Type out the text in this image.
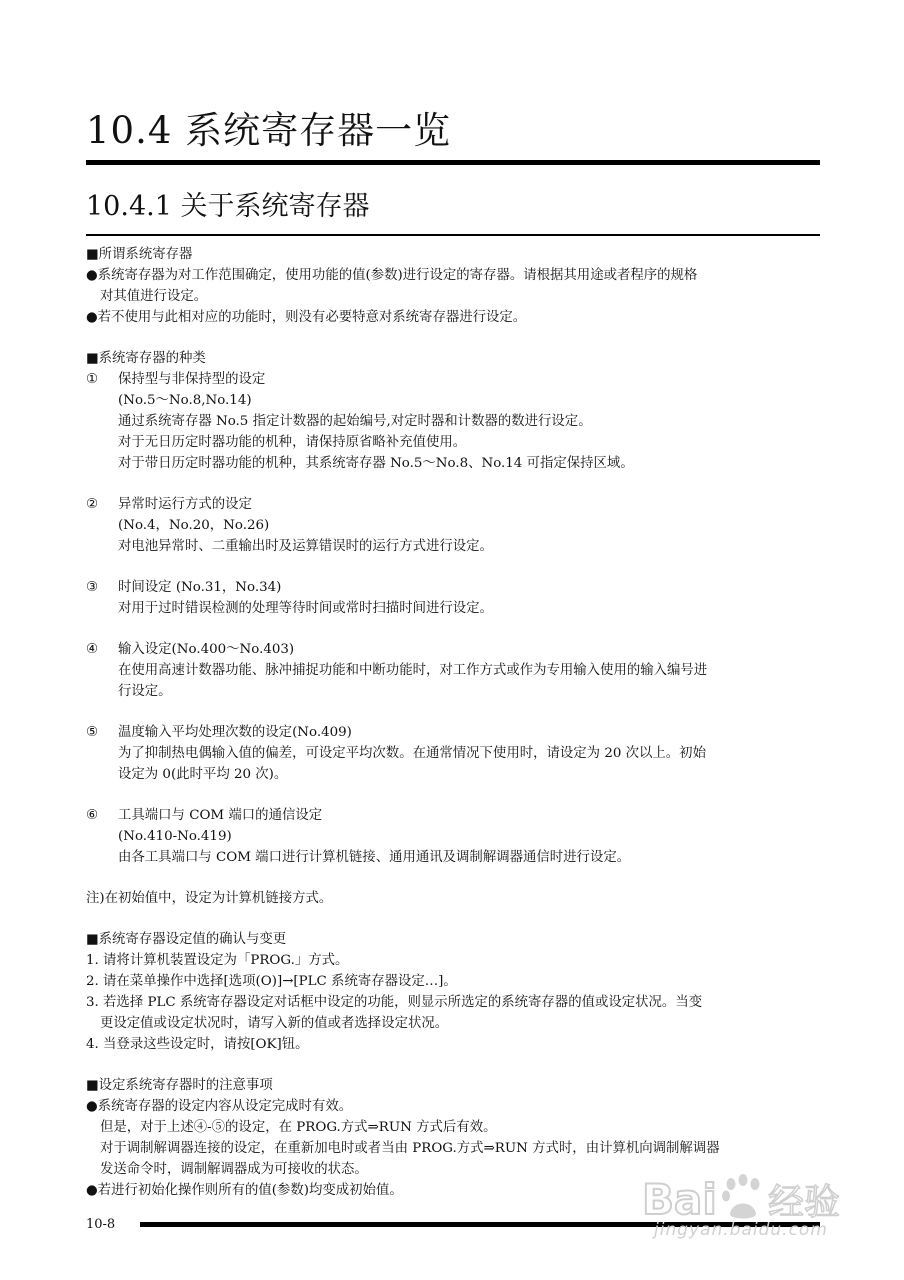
10.4 系统寄存器一览
10.4.1 关于系统寄存器
■所谓系统寄存器
●系统寄存器为对工作范围确定，使用功能的值(参数)进行设定的寄存器。请根据其用途或者程序的规格
对其值进行设定。
●若不使用与此相对应的功能时，则没有必要特意对系统寄存器进行设定。
■系统寄存器的种类
① 保持型与非保持型的设定
(No.5～No.8,No.14)
通过系统寄存器 No.5 指定计数器的起始编号,对定时器和计数器的数进行设定。
对于无日历定时器功能的机种，请保持原省略补充值使用。
对于带日历定时器功能的机种，其系统寄存器 No.5～No.8、No.14 可指定保持区域。
② 异常时运行方式的设定
(No.4，No.20，No.26)
对电池异常时、二重输出时及运算错误时的运行方式进行设定。
③ 时间设定 (No.31，No.34)
对用于过时错误检测的处理等待时间或常时扫描时间进行设定。
④ 输入设定(No.400～No.403)
在使用高速计数器功能、脉冲捕捉功能和中断功能时，对工作方式或作为专用输入使用的输入编号进
行设定。
⑤ 温度输入平均处理次数的设定(No.409)
为了抑制热电偶输入值的偏差，可设定平均次数。在通常情况下使用时，请设定为 20 次以上。初始
设定为 0(此时平均 20 次)。
⑥ 工具端口与 COM 端口的通信设定
(No.410-No.419)
由各工具端口与 COM 端口进行计算机链接、通用通讯及调制解调器通信时进行设定。
注)在初始值中，设定为计算机链接方式。
■系统寄存器设定值的确认与变更
1. 请将计算机装置设定为「PROG.」方式。
2. 请在菜单操作中选择[选项(O)]→[PLC 系统寄存器设定…]。
3. 若选择 PLC 系统寄存器设定对话框中设定的功能，则显示所选定的系统寄存器的值或设定状况。当变
更设定值或设定状况时，请写入新的值或者选择设定状况。
4. 当登录这些设定时，请按[OK]钮。
■设定系统寄存器时的注意事项
●系统寄存器的设定内容从设定完成时有效。
但是，对于上述④-⑤的设定，在 PROG.方式⇒RUN 方式后有效。
对于调制解调器连接的设定，在重新加电时或者当由 PROG.方式⇒RUN 方式时，由计算机向调制解调器
发送命令时，调制解调器成为可接收的状态。
●若进行初始化操作则所有的值(参数)均变成初始值。
10-8
Bai 经验
jingyan.baidu.com
